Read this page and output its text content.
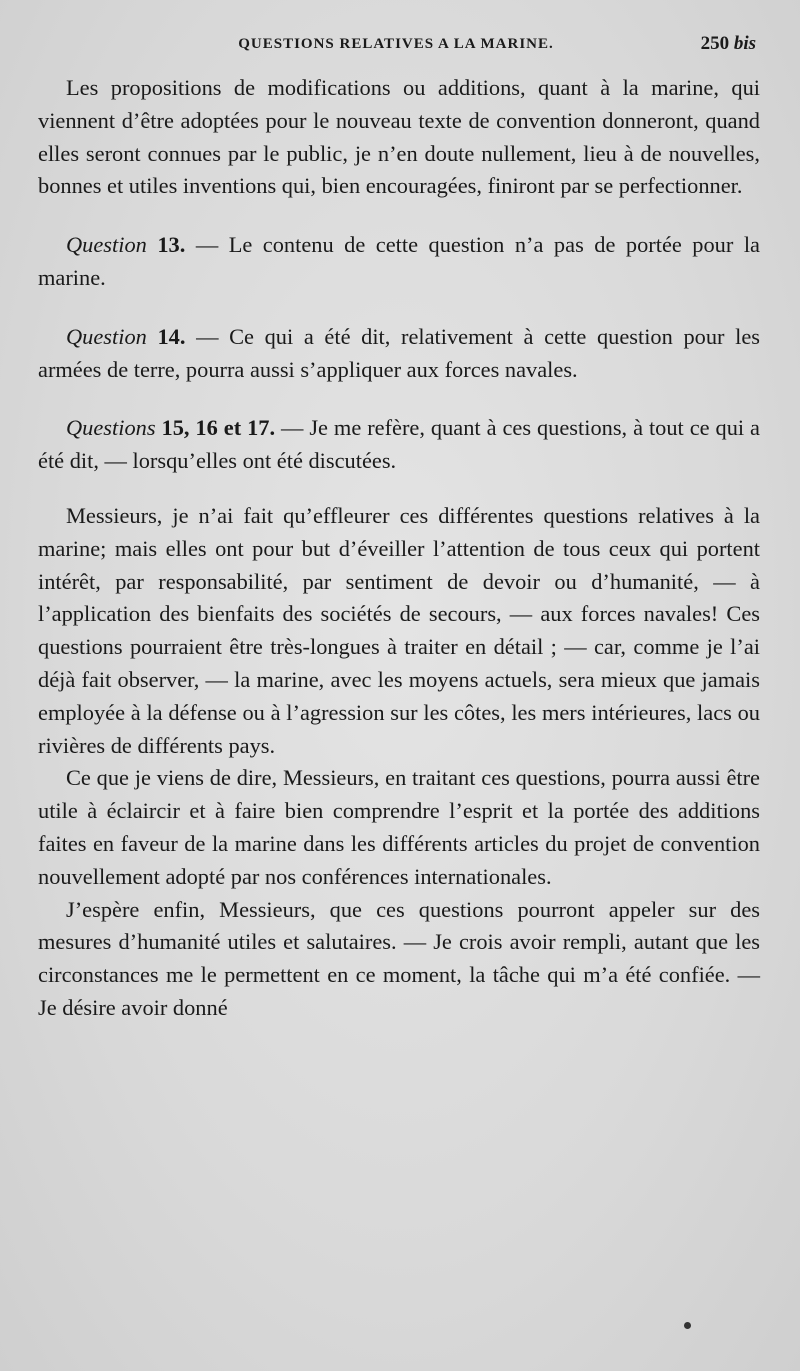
QUESTIONS RELATIVES A LA MARINE.	250 bis

Les propositions de modifications ou additions, quant à la marine, qui viennent d’être adoptées pour le nouveau texte de convention donneront, quand elles seront connues par le public, je n’en doute nullement, lieu à de nouvelles, bonnes et utiles inventions qui, bien encouragées, finiront par se perfectionner.

Question 13. — Le contenu de cette question n’a pas de portée pour la marine.

Question 14. — Ce qui a été dit, relativement à cette question pour les armées de terre, pourra aussi s’appliquer aux forces navales.

Questions 15, 16 et 17. — Je me refère, quant à ces questions, à tout ce qui a été dit, — lorsqu’elles ont été discutées.

Messieurs, je n’ai fait qu’effleurer ces différentes questions relatives à la marine; mais elles ont pour but d’éveiller l’attention de tous ceux qui portent intérêt, par responsabilité, par sentiment de devoir ou d’humanité, — à l’application des bienfaits des sociétés de secours, — aux forces navales! Ces questions pourraient être très-longues à traiter en détail ; — car, comme je l’ai déjà fait observer, — la marine, avec les moyens actuels, sera mieux que jamais employée à la défense ou à l’agression sur les côtes, les mers intérieures, lacs ou rivières de différents pays.

Ce que je viens de dire, Messieurs, en traitant ces questions, pourra aussi être utile à éclaircir et à faire bien comprendre l’esprit et la portée des additions faites en faveur de la marine dans les différents articles du projet de convention nouvellement adopté par nos conférences internationales.

J’espère enfin, Messieurs, que ces questions pourront appeler sur des mesures d’humanité utiles et salutaires. — Je crois avoir rempli, autant que les circonstances me le permettent en ce moment, la tâche qui m’a été confiée. — Je désire avoir donné
